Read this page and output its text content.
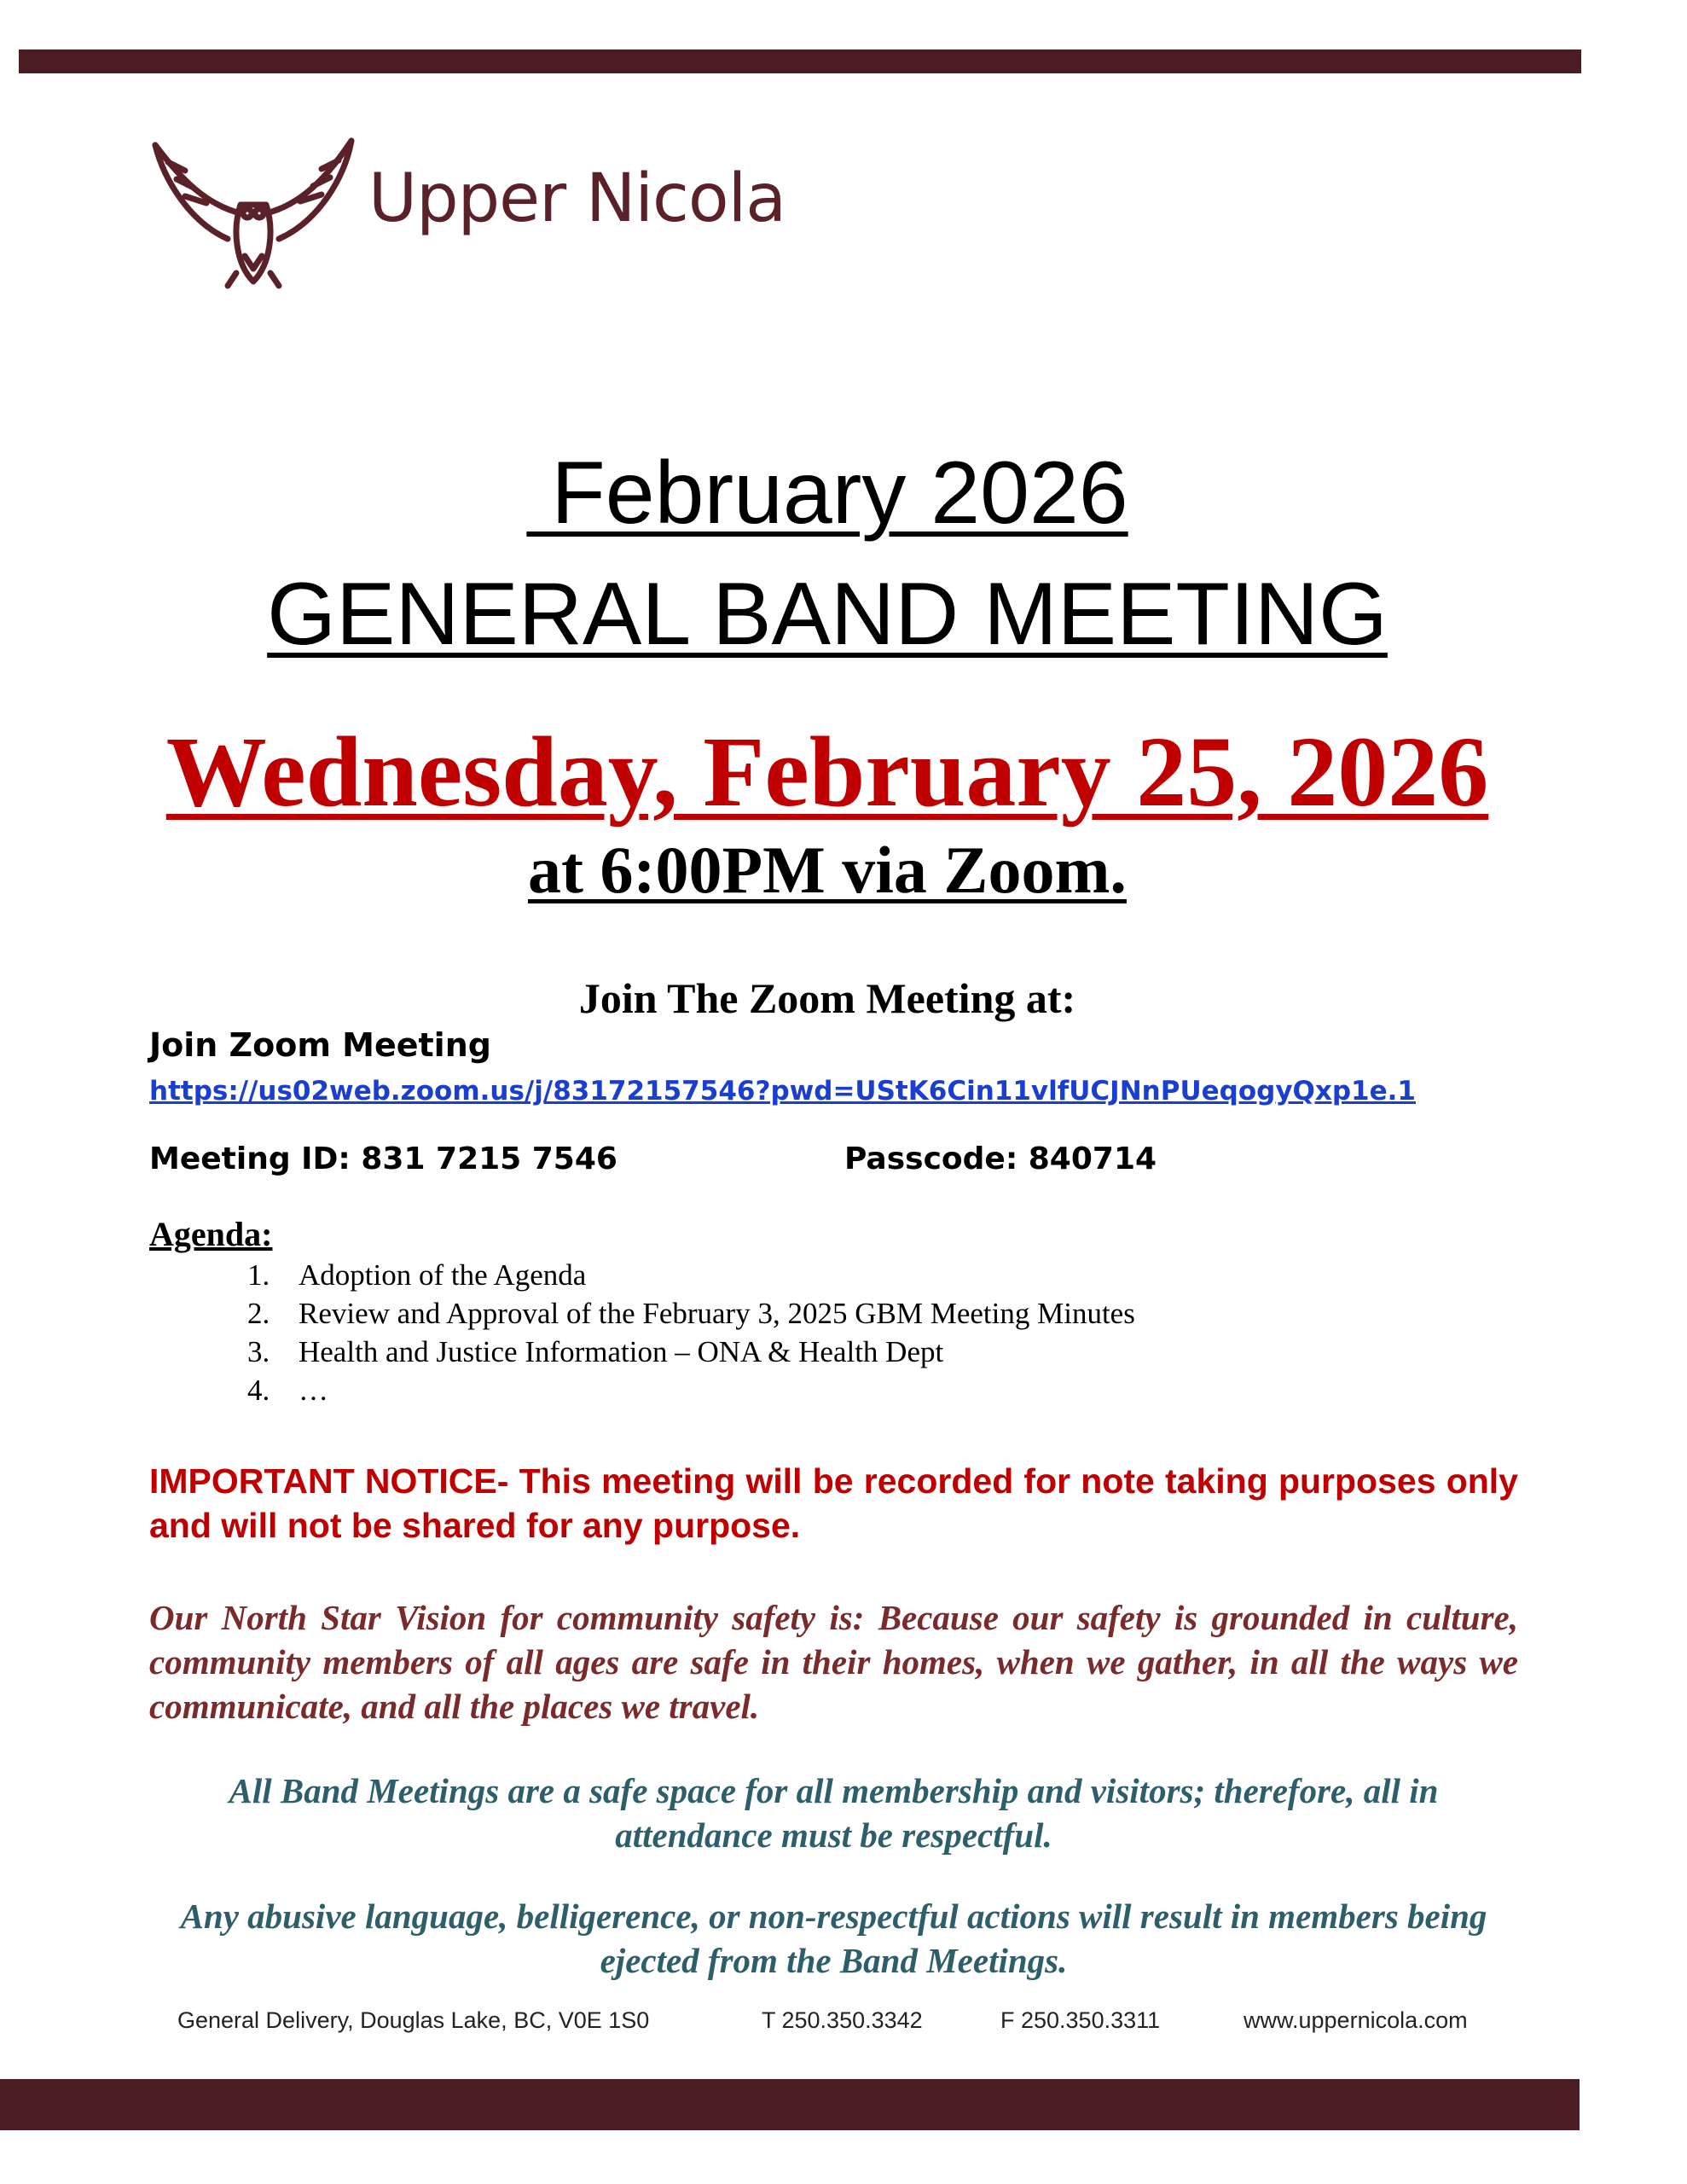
Upper Nicola
February 2026
GENERAL BAND MEETING
Wednesday, February 25, 2026
at 6:00PM via Zoom.
Join The Zoom Meeting at:
Join Zoom Meeting
https://us02web.zoom.us/j/83172157546?pwd=UStK6Cin11vlfUCJNnPUeqogyQxp1e.1
Meeting ID: 831 7215 7546	Passcode: 840714
Agenda:
1. Adoption of the Agenda
2. Review and Approval of the February 3, 2025 GBM Meeting Minutes
3. Health and Justice Information – ONA & Health Dept
4. …
IMPORTANT NOTICE- This meeting will be recorded for note taking purposes only and will not be shared for any purpose.
Our North Star Vision for community safety is: Because our safety is grounded in culture, community members of all ages are safe in their homes, when we gather, in all the ways we communicate, and all the places we travel.
All Band Meetings are a safe space for all membership and visitors; therefore, all in attendance must be respectful.
Any abusive language, belligerence, or non-respectful actions will result in members being ejected from the Band Meetings.
General Delivery, Douglas Lake, BC, V0E 1S0	T 250.350.3342	F 250.350.3311	www.uppernicola.com
